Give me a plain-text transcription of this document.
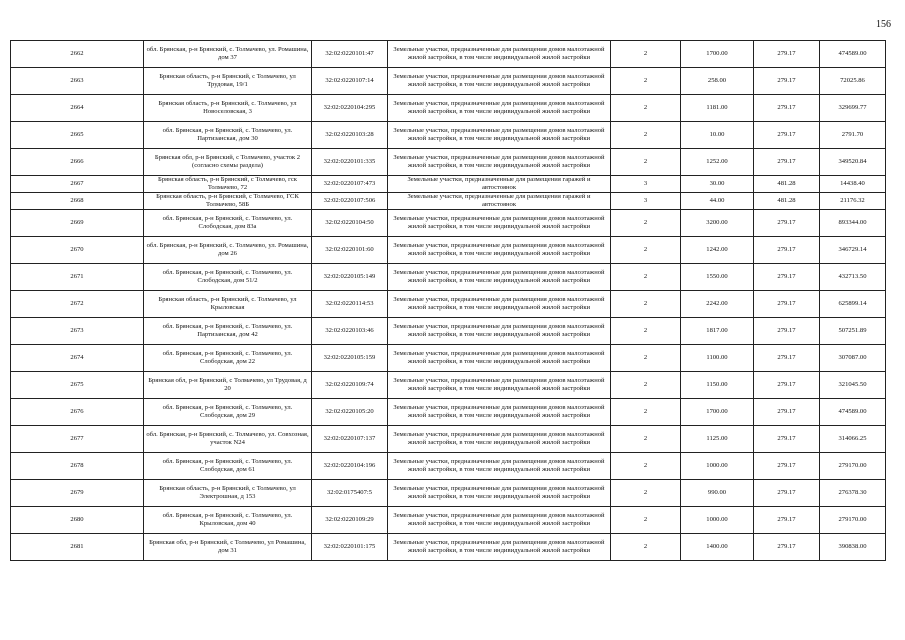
156
2662	обл. Брянская, р-н Брянский, с. Толмачево, ул. Ромашина, дом 37	32:02:0220101:47	Земельные участки, предназначенные для размещения домов малоэтажной жилой застройки, в том числе индивидуальной жилой застройки	2	1700.00	279.17	474589.00
2663	Брянская область, р-н Брянский, с Толмачево, ул Трудовая, 19/1	32:02:0220107:14	Земельные участки, предназначенные для размещения домов малоэтажной жилой застройки, в том числе индивидуальной жилой застройки	2	258.00	279.17	72025.86
2664	Брянская область, р-н Брянский, с. Толмачево, ул Новоселовская, 3	32:02:0220104:295	Земельные участки, предназначенные для размещения домов малоэтажной жилой застройки, в том числе индивидуальной жилой застройки	2	1181.00	279.17	329699.77
2665	обл. Брянская, р-н Брянский, с. Толмачево, ул. Партизанская, дом 30	32:02:0220103:28	Земельные участки, предназначенные для размещения домов малоэтажной жилой застройки, в том числе индивидуальной жилой застройки	2	10.00	279.17	2791.70
2666	Брянская обл, р-н Брянский, с Толмачево, участок 2 (согласно схемы раздела)	32:02:0220101:335	Земельные участки, предназначенные для размещения домов малоэтажной жилой застройки, в том числе индивидуальной жилой застройки	2	1252.00	279.17	349520.84
2667	Брянская область, р-н Брянский, с Толмачево, гск Толмачево, 72	32:02:0220107:473	Земельные участки, предназначенные для размещения гаражей и автостоянок	3	30.00	481.28	14438.40
2668	Брянская область, р-н Брянский, с Толмачево, ГСК Толмачево, 58Б	32:02:0220107:506	Земельные участки, предназначенные для размещения гаражей и автостоянок	3	44.00	481.28	21176.32
2669	обл. Брянская, р-н Брянский, с. Толмачево, ул. Слободская, дом 83а	32:02:0220104:50	Земельные участки, предназначенные для размещения домов малоэтажной жилой застройки, в том числе индивидуальной жилой застройки	2	3200.00	279.17	893344.00
2670	обл. Брянская, р-н Брянский, с. Толмачево, ул. Ромашина, дом 26	32:02:0220101:60	Земельные участки, предназначенные для размещения домов малоэтажной жилой застройки, в том числе индивидуальной жилой застройки	2	1242.00	279.17	346729.14
2671	обл. Брянская, р-н Брянский, с. Толмачево, ул. Слободская, дом 51/2	32:02:0220105:149	Земельные участки, предназначенные для размещения домов малоэтажной жилой застройки, в том числе индивидуальной жилой застройки	2	1550.00	279.17	432713.50
2672	Брянская область, р-н Брянский, с. Толмачево, ул Крыловская	32:02:0220114:53	Земельные участки, предназначенные для размещения домов малоэтажной жилой застройки, в том числе индивидуальной жилой застройки	2	2242.00	279.17	625899.14
2673	обл. Брянская, р-н Брянский, с. Толмачево, ул. Партизанская, дом 42	32:02:0220103:46	Земельные участки, предназначенные для размещения домов малоэтажной жилой застройки, в том числе индивидуальной жилой застройки	2	1817.00	279.17	507251.89
2674	обл. Брянская, р-н Брянский, с. Толмачево, ул. Слободская, дом 22	32:02:0220105:159	Земельные участки, предназначенные для размещения домов малоэтажной жилой застройки, в том числе индивидуальной жилой застройки	2	1100.00	279.17	307087.00
2675	Брянская обл, р-н Брянский, с Толмачево, ул Трудовая, д 20	32:02:0220109:74	Земельные участки, предназначенные для размещения домов малоэтажной жилой застройки, в том числе индивидуальной жилой застройки	2	1150.00	279.17	321045.50
2676	обл. Брянская, р-н Брянский, с. Толмачево, ул. Слободская, дом 29	32:02:0220105:20	Земельные участки, предназначенные для размещения домов малоэтажной жилой застройки, в том числе индивидуальной жилой застройки	2	1700.00	279.17	474589.00
2677	обл. Брянская, р-н Брянский, с. Толмачево, ул. Совхозная, участок N24	32:02:0220107:137	Земельные участки, предназначенные для размещения домов малоэтажной жилой застройки, в том числе индивидуальной жилой застройки	2	1125.00	279.17	314066.25
2678	обл. Брянская, р-н Брянский, с. Толмачево, ул. Слободская, дом 61	32:02:0220104:196	Земельные участки, предназначенные для размещения домов малоэтажной жилой застройки, в том числе индивидуальной жилой застройки	2	1000.00	279.17	279170.00
2679	Брянская область, р-н Брянский, с Толмачево, ул Электрошная, д 153	32:02:0175407:5	Земельные участки, предназначенные для размещения домов малоэтажной жилой застройки, в том числе индивидуальной жилой застройки	2	990.00	279.17	276378.30
2680	обл. Брянская, р-н Брянский, с. Толмачево, ул. Крыловская, дом 40	32:02:0220109:29	Земельные участки, предназначенные для размещения домов малоэтажной жилой застройки, в том числе индивидуальной жилой застройки	2	1000.00	279.17	279170.00
2681	Брянская обл, р-н Брянский, с Толмачево, ул Ромашина, дом 31	32:02:0220101:175	Земельные участки, предназначенные для размещения домов малоэтажной жилой застройки, в том числе индивидуальной жилой застройки	2	1400.00	279.17	390838.00
